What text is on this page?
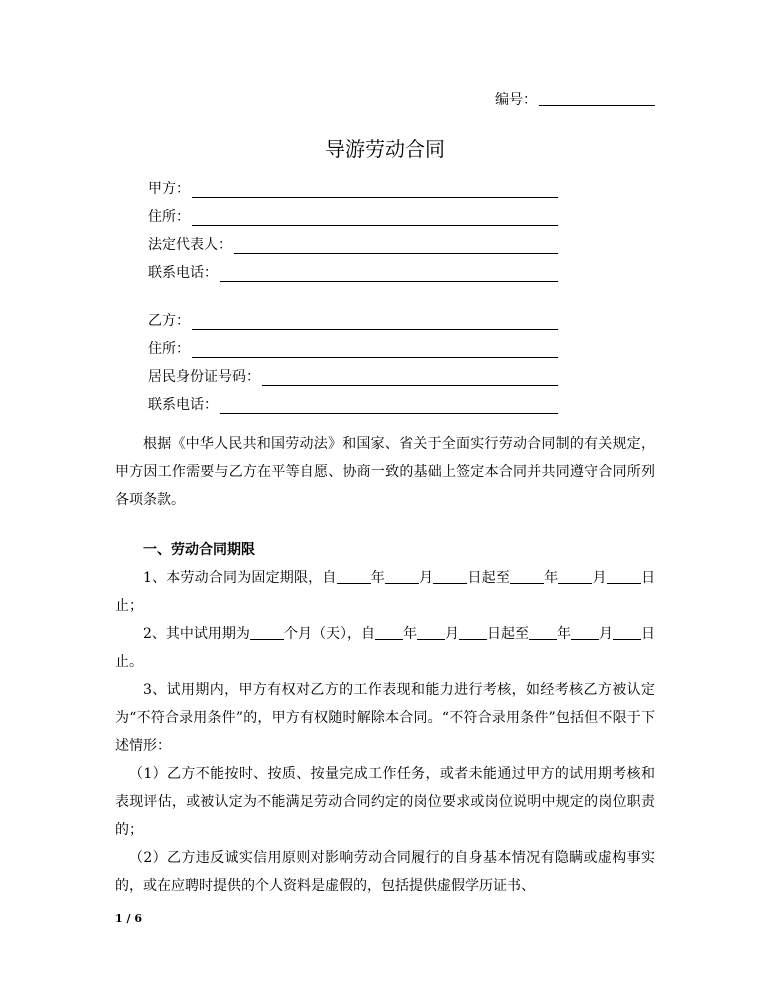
编号：
导游劳动合同
甲方：
住所：
法定代表人：
联系电话：
乙方：
住所：
居民身份证号码：
联系电话：

根据《中华人民共和国劳动法》和国家、省关于全面实行劳动合同制的有关规定，甲方因工作需要与乙方在平等自愿、协商一致的基础上签定本合同并共同遵守合同所列各项条款。

一、劳动合同期限

1、本劳动合同为固定期限，自 年 月 日起至 年 月 日止；

2、其中试用期为 个月（天），自 年 月 日起至 年 月 日止。

3、试用期内，甲方有权对乙方的工作表现和能力进行考核，如经考核乙方被认定为“不符合录用条件”的，甲方有权随时解除本合同。“不符合录用条件”包括但不限于下述情形：

（1）乙方不能按时、按质、按量完成工作任务，或者未能通过甲方的试用期考核和表现评估，或被认定为不能满足劳动合同约定的岗位要求或岗位说明中规定的岗位职责的；

（2）乙方违反诚实信用原则对影响劳动合同履行的自身基本情况有隐瞒或虚构事实的，或在应聘时提供的个人资料是虚假的，包括提供虚假学历证书、

1 / 6
